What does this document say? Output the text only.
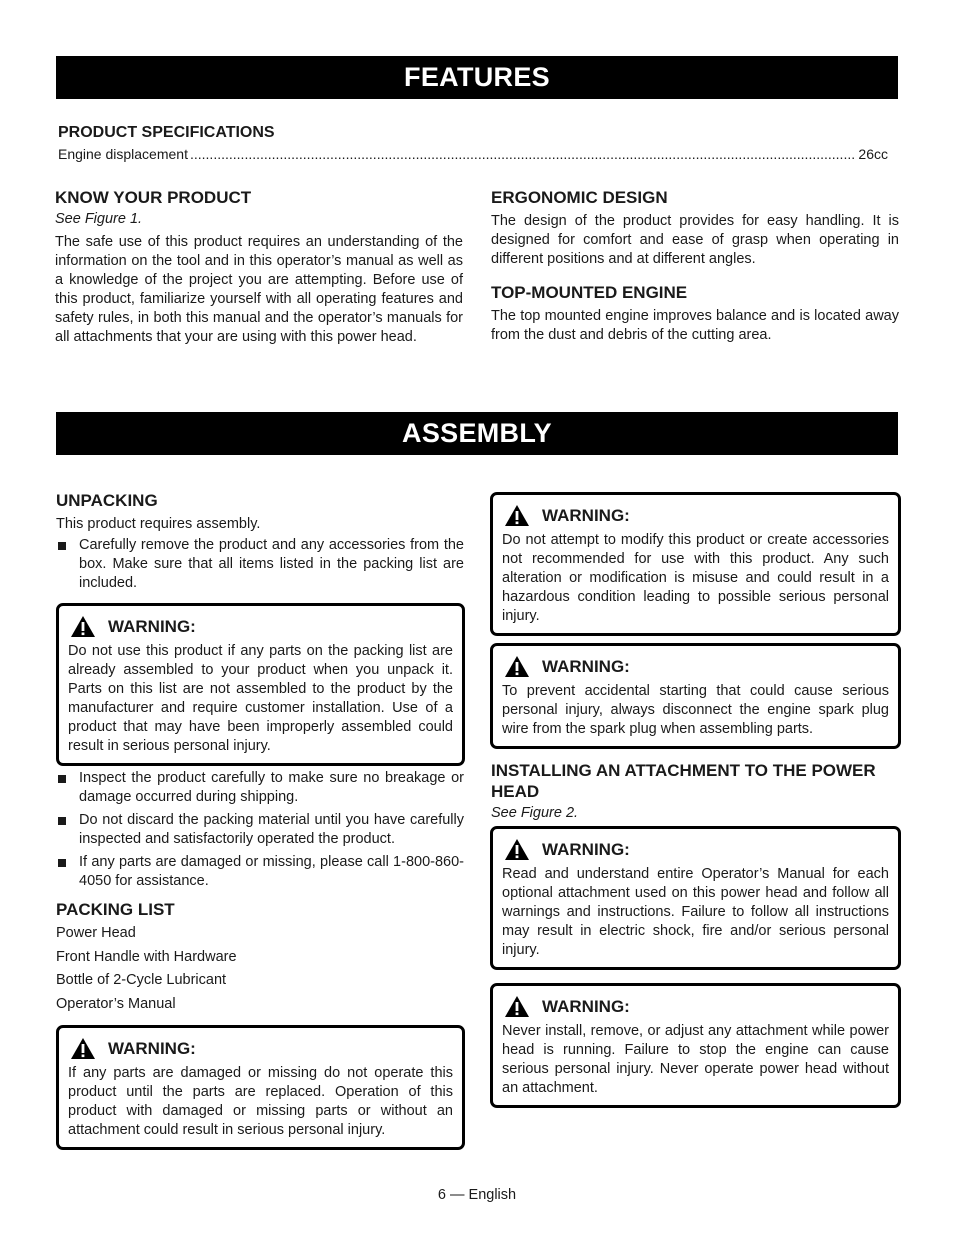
FEATURES
PRODUCT SPECIFICATIONS
Engine displacement
.....	26cc
KNOW YOUR PRODUCT
See Figure 1.

The safe use of this product requires an understanding of the information on the tool and in this operator’s manual as well as a knowledge of the project you are attempting. Before use of this product, familiarize yourself with all operating features and safety rules, in both this manual and the operator’s manuals for all attachments that your are using with this power head.

ERGONOMIC DESIGN

The design of the product provides for easy handling. It is designed for comfort and ease of grasp when operating in different positions and at different angles.

TOP-MOUNTED ENGINE

The top mounted engine improves balance and is located away from the dust and debris of the cutting area.

ASSEMBLY
UNPACKING

This product requires assembly.

Carefully remove the product and any accessories from the box. Make sure that all items listed in the packing list are included.
WARNING:

Do not use this product if any parts on the packing list are already assembled to your product when you unpack it. Parts on this list are not assembled to the product by the manufacturer and require customer installation. Use of a product that may have been improperly assembled could result in serious personal injury.

Inspect the product carefully to make sure no breakage or damage occurred during shipping.
Do not discard the packing material until you have carefully inspected and satisfactorily operated the product.
If any parts are damaged or missing, please call 1-800-860-4050 for assistance.
PACKING LIST
Power Head
Front Handle with Hardware
Bottle of 2-Cycle Lubricant
Operator’s Manual
WARNING:

If any parts are damaged or missing do not operate this product until the parts are replaced. Operation of this product with damaged or missing parts or without an attachment could result in serious personal injury.

WARNING:

Do not attempt to modify this product or create accessories not recommended for use with this product. Any such alteration or modification is misuse and could result in a hazardous condition leading to possible serious personal injury.

WARNING:

To prevent accidental starting that could cause serious personal injury, always disconnect the engine spark plug wire from the spark plug when assembling parts.

INSTALLING AN ATTACHMENT TO THE POWER HEAD
See Figure 2.
WARNING:

Read and understand entire Operator’s Manual for each optional attachment used on this power head and follow all warnings and instructions. Failure to follow all instructions may result in electric shock, fire and/or serious personal injury.

WARNING:

Never install, remove, or adjust any attachment while power head is running. Failure to stop the engine can cause serious personal injury. Never operate power head without an attachment.

6 — English
